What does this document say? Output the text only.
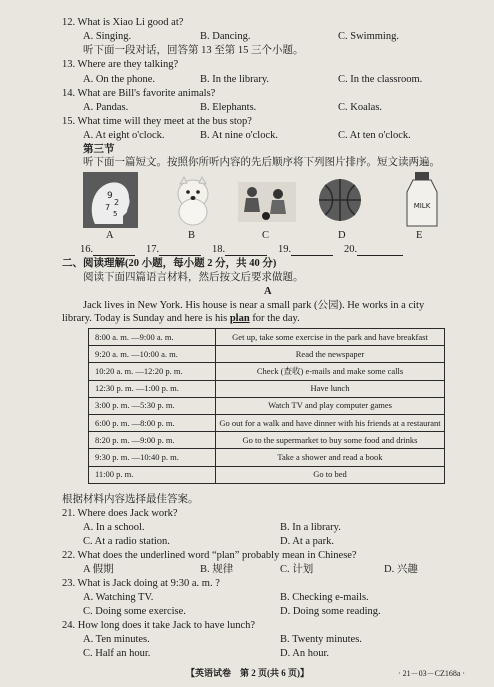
12. What is Xiao Li good at?
A. Singing.	B. Dancing.	C. Swimming.
听下面一段对话，回答第 13 至第 15 三个小题。
13. Where are they talking?
A. On the phone.	B. In the library.	C. In the classroom.
14. What are Bill's favorite animals?
A. Pandas.	B. Elephants.	C. Koalas.
15. What time will they meet at the bus stop?
A. At eight o'clock.	B. At nine o'clock.	C. At ten o'clock.
第三节
听下面一篇短文。按照你所听内容的先后顺序将下列图片排序。短文读两遍。
9
2
7
5
MILK
A	B	C	D	E
16.	17.	18.	19.	20.
二、阅读理解(20 小题，每小题 2 分，共 40 分)
阅读下面四篇语言材料，然后按文后要求做题。
A
Jack lives in New York. His house is near a small park (公园). He works in a city
library. Today is Sunday and here is his plan for the day.
8:00 a. m. —9:00 a. m.	Get up, take some exercise in the park and have breakfast
9:20 a. m. —10:00 a. m.	Read the newspaper
10:20 a. m. —12:20 p. m.	Check (查收) e-mails and make some calls
12:30 p. m. —1:00 p. m.	Have lunch
3:00 p. m. —5:30 p. m.	Watch TV and play computer games
6:00 p. m. —8:00 p. m.	Go out for a walk and have dinner with his friends at a restaurant
8:20 p. m. —9:00 p. m.	Go to the supermarket to buy some food and drinks
9:30 p. m. —10:40 p. m.	Take a shower and read a book
11:00 p. m.	Go to bed
根据材料内容选择最佳答案。
21. Where does Jack work?
A. In a school.	B. In a library.
C. At a radio station.	D. At a park.
22. What does the underlined word “plan” probably mean in Chinese?
A 假期	B. 规律	C. 计划	D. 兴趣
23. What is Jack doing at 9:30 a. m. ?
A. Watching TV.	B. Checking e-mails.
C. Doing some exercise.	D. Doing some reading.
24. How long does it take Jack to have lunch?
A. Ten minutes.	B. Twenty minutes.
C. Half an hour.	D. An hour.
【英语试卷　第 2 页(共 6 页)】	· 21－03－CZ168a ·
